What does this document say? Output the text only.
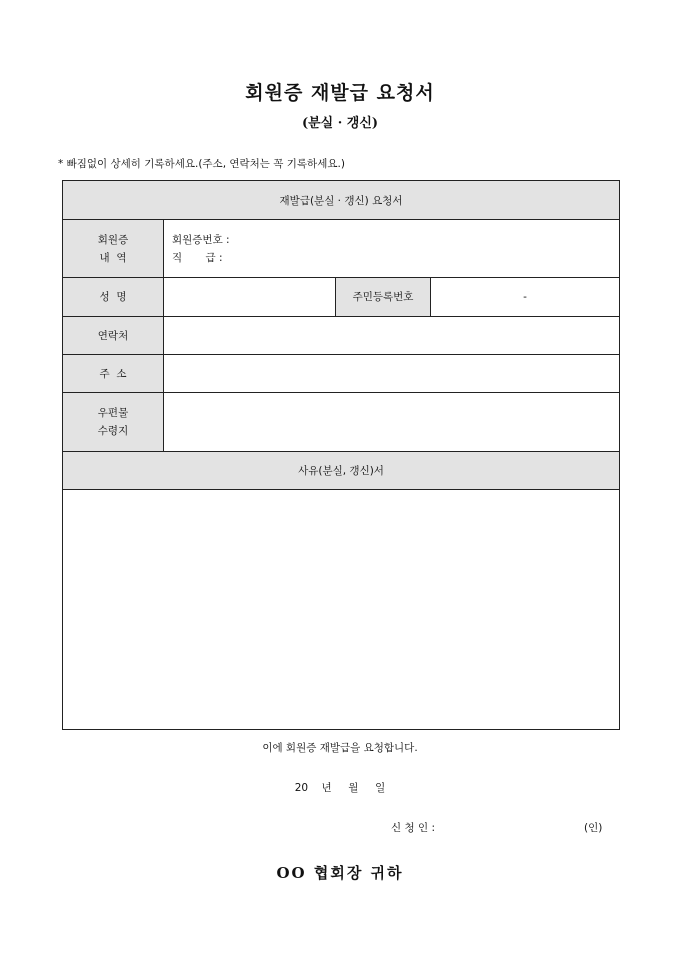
회원증 재발급 요청서
(분실 · 갱신)
* 빠짐없이 상세히 기록하세요.(주소, 연락처는 꼭 기록하세요.)
재발급(분실 · 갱신) 요청서			

회원증
내  역	회원증번호 :
직       급 :		

성  명		주민등록번호	-
연락처			
주  소			

우편물
수령지			

사유(분실, 갱신)서			

이에 회원증 재발급을 요청합니다.
20    년     월     일
신 청 인 :	(인)
OO 협회장 귀하
